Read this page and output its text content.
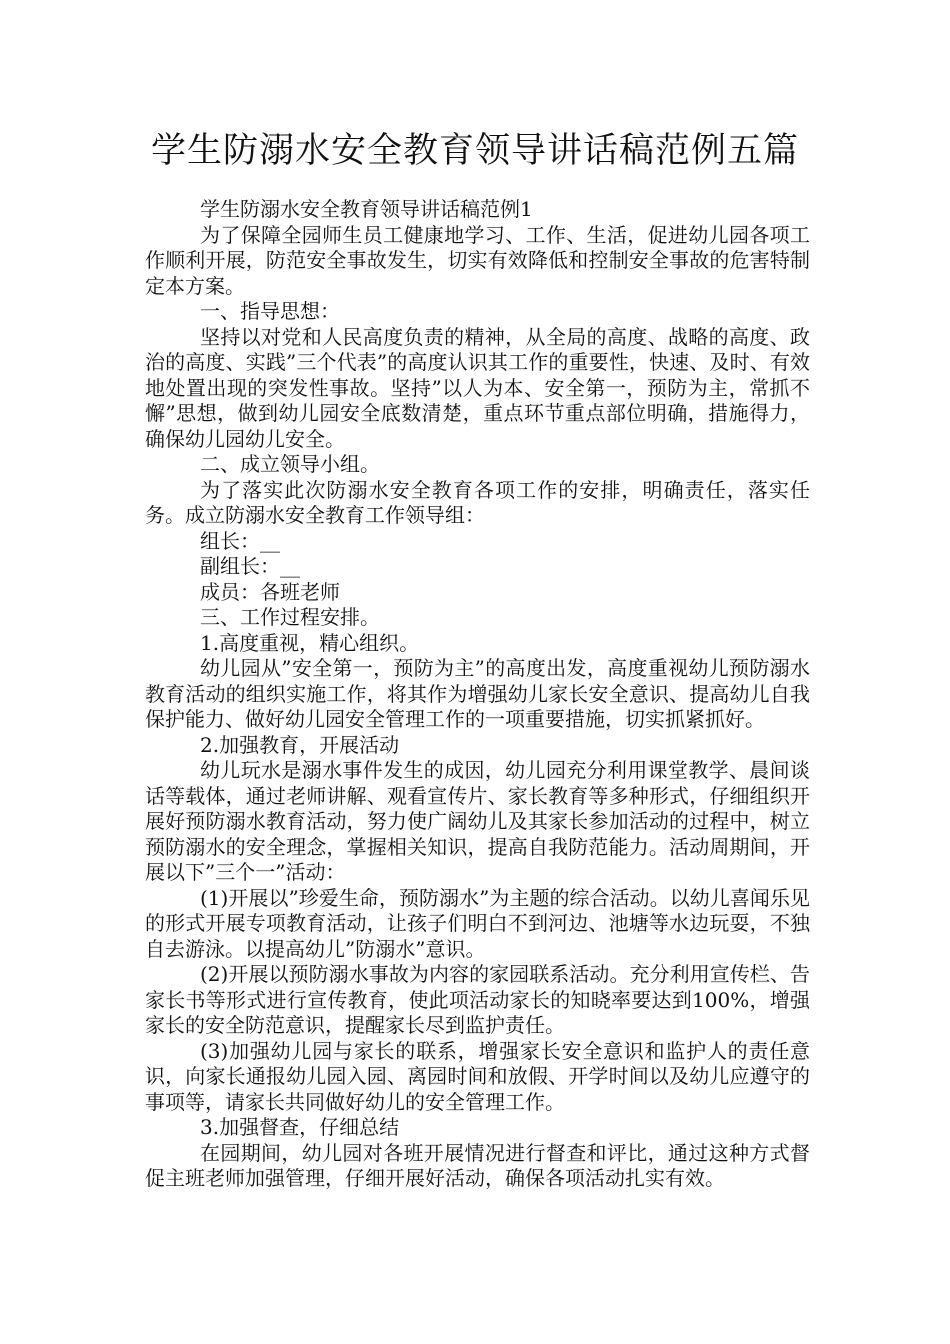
学生防溺水安全教育领导讲话稿范例五篇

学生防溺水安全教育领导讲话稿范例1

为了保障全园师生员工健康地学习、工作、生活，促进幼儿园各项工作顺利开展，防范安全事故发生，切实有效降低和控制安全事故的危害特制定本方案。

一、指导思想：

坚持以对党和人民高度负责的精神，从全局的高度、战略的高度、政治的高度、实践”三个代表”的高度认识其工作的重要性，快速、及时、有效地处置出现的突发性事故。坚持”以人为本、安全第一，预防为主，常抓不懈”思想，做到幼儿园安全底数清楚，重点环节重点部位明确，措施得力，确保幼儿园幼儿安全。

二、成立领导小组。

为了落实此次防溺水安全教育各项工作的安排，明确责任，落实任务。成立防溺水安全教育工作领导组：

组长：__

副组长：__

成员：各班老师

三、工作过程安排。

1.高度重视，精心组织。

幼儿园从”安全第一，预防为主”的高度出发，高度重视幼儿预防溺水教育活动的组织实施工作，将其作为增强幼儿家长安全意识、提高幼儿自我保护能力、做好幼儿园安全管理工作的一项重要措施，切实抓紧抓好。

2.加强教育，开展活动

幼儿玩水是溺水事件发生的成因，幼儿园充分利用课堂教学、晨间谈话等载体，通过老师讲解、观看宣传片、家长教育等多种形式，仔细组织开展好预防溺水教育活动，努力使广阔幼儿及其家长参加活动的过程中，树立预防溺水的安全理念，掌握相关知识，提高自我防范能力。活动周期间，开展以下”三个一”活动：

(1)开展以”珍爱生命，预防溺水”为主题的综合活动。以幼儿喜闻乐见的形式开展专项教育活动，让孩子们明白不到河边、池塘等水边玩耍，不独自去游泳。以提高幼儿”防溺水”意识。

(2)开展以预防溺水事故为内容的家园联系活动。充分利用宣传栏、告家长书等形式进行宣传教育，使此项活动家长的知晓率要达到100%，增强家长的安全防范意识，提醒家长尽到监护责任。

(3)加强幼儿园与家长的联系，增强家长安全意识和监护人的责任意识，向家长通报幼儿园入园、离园时间和放假、开学时间以及幼儿应遵守的事项等，请家长共同做好幼儿的安全管理工作。

3.加强督查，仔细总结

在园期间，幼儿园对各班开展情况进行督查和评比，通过这种方式督促主班老师加强管理，仔细开展好活动，确保各项活动扎实有效。
